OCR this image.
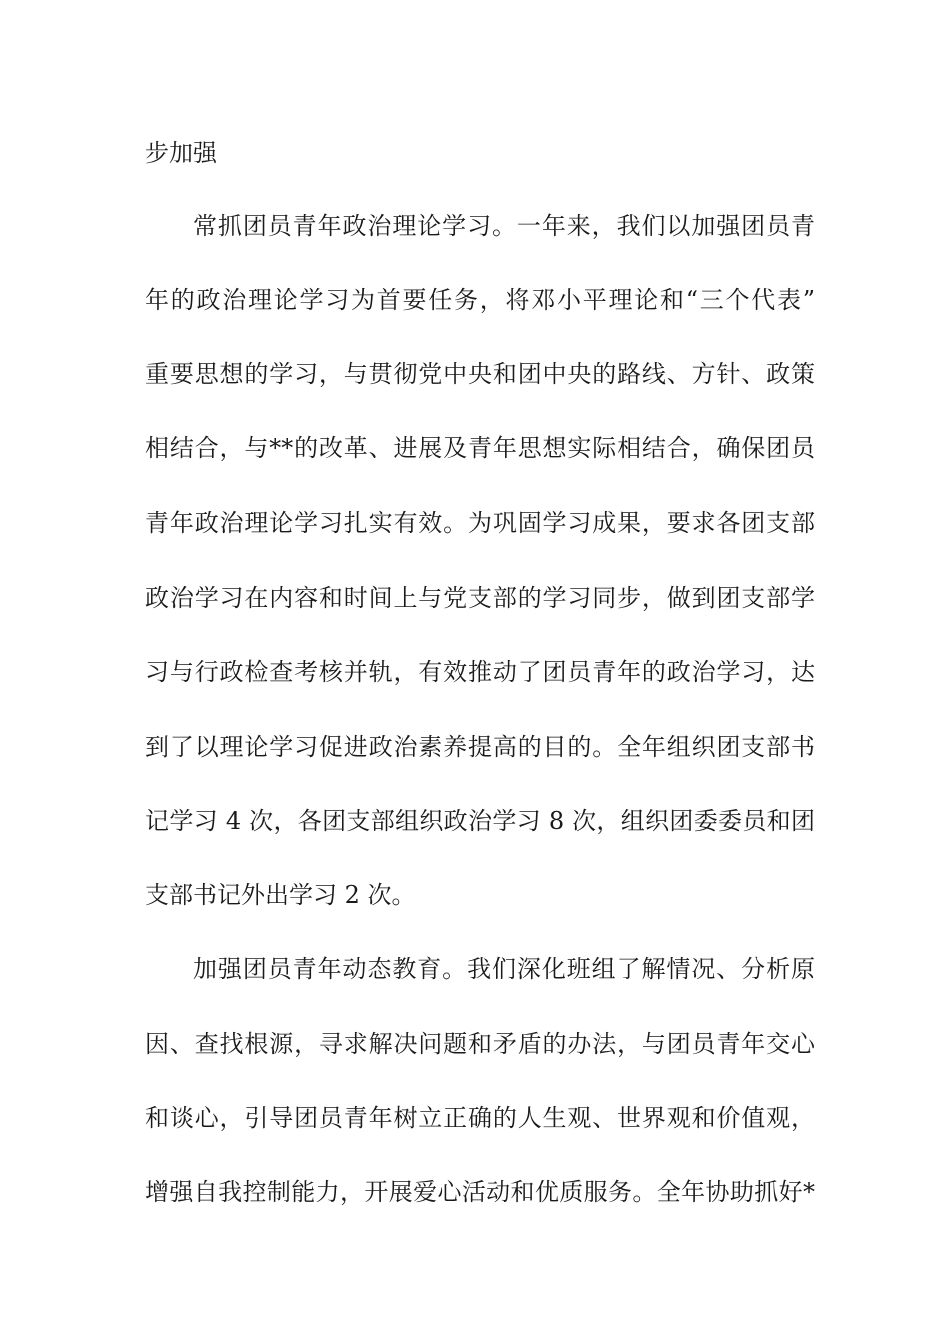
步加强
常抓团员青年政治理论学习。一年来，我们以加强团员青
年的政治理论学习为首要任务，将邓小平理论和“三个代表”
重要思想的学习，与贯彻党中央和团中央的路线、方针、政策
相结合，与**的改革、进展及青年思想实际相结合，确保团员
青年政治理论学习扎实有效。为巩固学习成果，要求各团支部
政治学习在内容和时间上与党支部的学习同步，做到团支部学
习与行政检查考核并轨，有效推动了团员青年的政治学习，达
到了以理论学习促进政治素养提高的目的。全年组织团支部书
记学习 4 次，各团支部组织政治学习 8 次，组织团委委员和团
支部书记外出学习 2 次。
加强团员青年动态教育。我们深化班组了解情况、分析原
因、查找根源，寻求解决问题和矛盾的办法，与团员青年交心
和谈心，引导团员青年树立正确的人生观、世界观和价值观，
增强自我控制能力，开展爱心活动和优质服务。全年协助抓好*
